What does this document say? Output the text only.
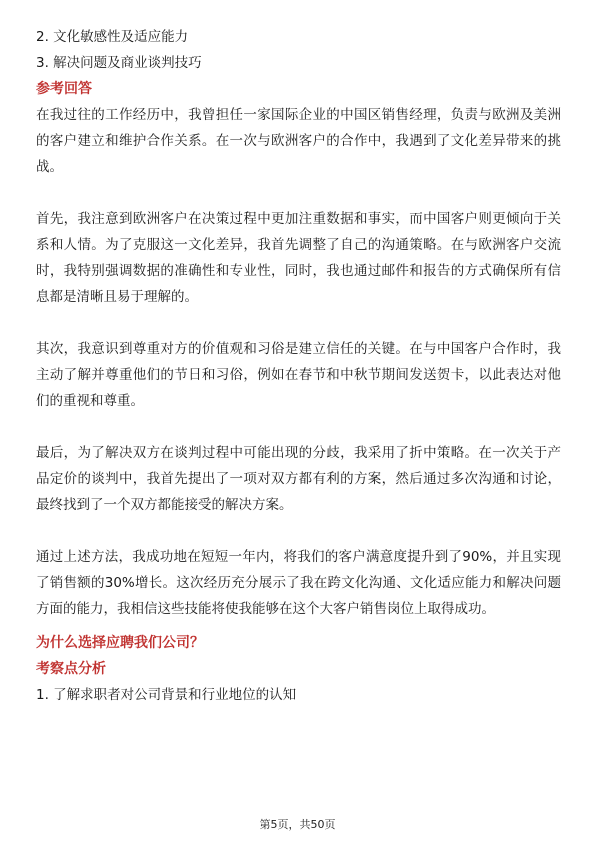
2. 文化敏感性及适应能力
3. 解决问题及商业谈判技巧
参考回答

在我过往的工作经历中，我曾担任一家国际企业的中国区销售经理，负责与欧洲及美洲的客户建立和维护合作关系。在一次与欧洲客户的合作中，我遇到了文化差异带来的挑战。

首先，我注意到欧洲客户在决策过程中更加注重数据和事实，而中国客户则更倾向于关系和人情。为了克服这一文化差异，我首先调整了自己的沟通策略。在与欧洲客户交流时，我特别强调数据的准确性和专业性，同时，我也通过邮件和报告的方式确保所有信息都是清晰且易于理解的。

其次，我意识到尊重对方的价值观和习俗是建立信任的关键。在与中国客户合作时，我主动了解并尊重他们的节日和习俗，例如在春节和中秋节期间发送贺卡，以此表达对他们的重视和尊重。

最后，为了解决双方在谈判过程中可能出现的分歧，我采用了折中策略。在一次关于产品定价的谈判中，我首先提出了一项对双方都有利的方案，然后通过多次沟通和讨论，最终找到了一个双方都能接受的解决方案。

通过上述方法，我成功地在短短一年内，将我们的客户满意度提升到了90%，并且实现了销售额的30%增长。这次经历充分展示了我在跨文化沟通、文化适应能力和解决问题方面的能力，我相信这些技能将使我能够在这个大客户销售岗位上取得成功。

为什么选择应聘我们公司？
考察点分析
1. 了解求职者对公司背景和行业地位的认知
第5页，共50页
